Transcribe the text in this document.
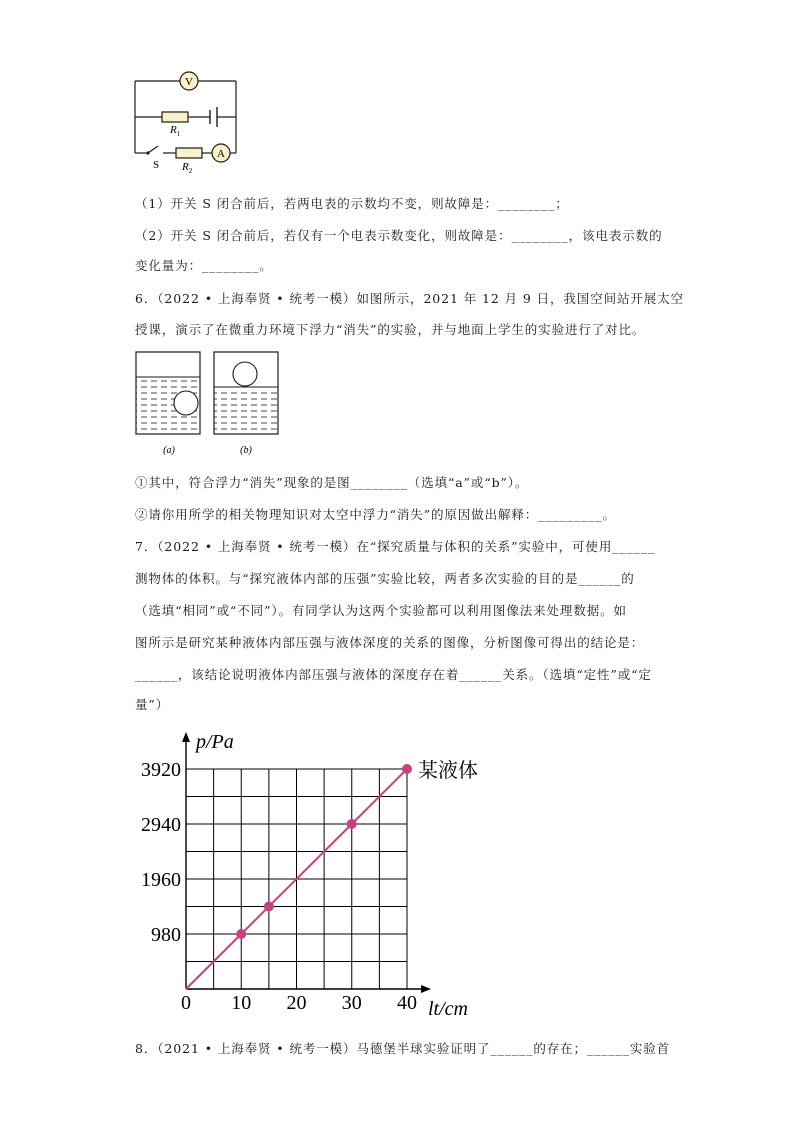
V
$R_1$
S
A
$R_2$
（1）开关 S 闭合前后，若两电表的示数均不变，则故障是：________；
（2）开关 S 闭合前后，若仅有一个电表示数变化，则故障是：________，该电表示数的
变化量为：________。
6．（2022 • 上海奉贤 • 统考一模）如图所示，2021 年 12 月 9 日，我国空间站开展太空
授课，演示了在微重力环境下浮力“消失”的实验，并与地面上学生的实验进行了对比。
(a)	(b)
①其中，符合浮力“消失”现象的是图________（选填“a”或“b”）。
②请你用所学的相关物理知识对太空中浮力“消失”的原因做出解释：_________。
7．（2022 • 上海奉贤 • 统考一模）在“探究质量与体积的关系”实验中，可使用______
测物体的体积。与“探究液体内部的压强”实验比较，两者多次实验的目的是______的
（选填“相同”或“不同”）。有同学认为这两个实验都可以利用图像法来处理数据。如
图所示是研究某种液体内部压强与液体深度的关系的图像，分析图像可得出的结论是：
______，该结论说明液体内部压强与液体的深度存在着______关系。（选填“定性”或“定
量”）
p/Pa
lt/cm
980
1960
2940
3920
0 10 20 30 40
某液体
8．（2021 • 上海奉贤 • 统考一模）马德堡半球实验证明了______的存在；______实验首
